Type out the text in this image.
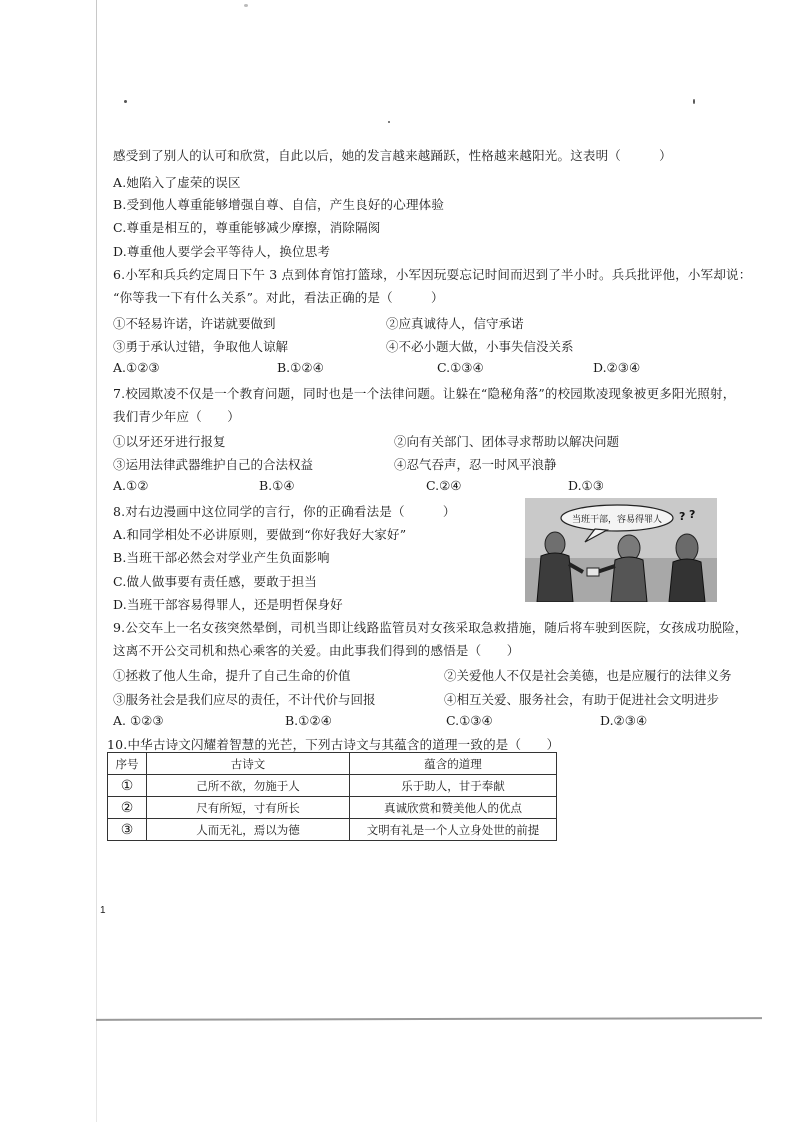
感受到了别人的认可和欣赏，自此以后，她的发言越来越踊跃，性格越来越阳光。这表明（　　　）
A.她陷入了虚荣的误区
B.受到他人尊重能够增强自尊、自信，产生良好的心理体验
C.尊重是相互的，尊重能够减少摩擦，消除隔阂
D.尊重他人要学会平等待人，换位思考
6.小军和兵兵约定周日下午 3 点到体育馆打篮球，小军因玩耍忘记时间而迟到了半小时。兵兵批评他，小军却说：
“你等我一下有什么关系”。对此，看法正确的是（　　　）
①不轻易许诺，许诺就要做到	②应真诚待人，信守承诺
③勇于承认过错，争取他人谅解	④不必小题大做，小事失信没关系
A.①②③	B.①②④	C.①③④	D.②③④
7.校园欺凌不仅是一个教育问题，同时也是一个法律问题。让躲在“隐秘角落”的校园欺凌现象被更多阳光照射，
我们青少年应（　　）
①以牙还牙进行报复	②向有关部门、团体寻求帮助以解决问题
③运用法律武器维护自己的合法权益	④忍气吞声，忍一时风平浪静
A.①②	B.①④	C.②④	D.①③
8.对右边漫画中这位同学的言行，你的正确看法是（　　　）
A.和同学相处不必讲原则，要做到“你好我好大家好”
B.当班干部必然会对学业产生负面影响
C.做人做事要有责任感，要敢于担当
D.当班干部容易得罪人，还是明哲保身好
9.公交车上一名女孩突然晕倒，司机当即让线路监管员对女孩采取急救措施，随后将车驶到医院，女孩成功脱险，
这离不开公交司机和热心乘客的关爱。由此事我们得到的感悟是（　　）
①拯救了他人生命，提升了自己生命的价值	②关爱他人不仅是社会美德，也是应履行的法律义务
③服务社会是我们应尽的责任，不计代价与回报	④相互关爱、服务社会，有助于促进社会文明进步
A. ①②③	B.①②④	C.①③④	D.②③④
10.中华古诗文闪耀着智慧的光芒，下列古诗文与其蕴含的道理一致的是（　　）
当班干部，容易得罪人 ? ?
序号	古诗文	蕴含的道理
①	己所不欲，勿施于人	乐于助人，甘于奉献
②	尺有所短，寸有所长	真诚欣赏和赞美他人的优点
③	人而无礼，焉以为德	文明有礼是一个人立身处世的前提
1
